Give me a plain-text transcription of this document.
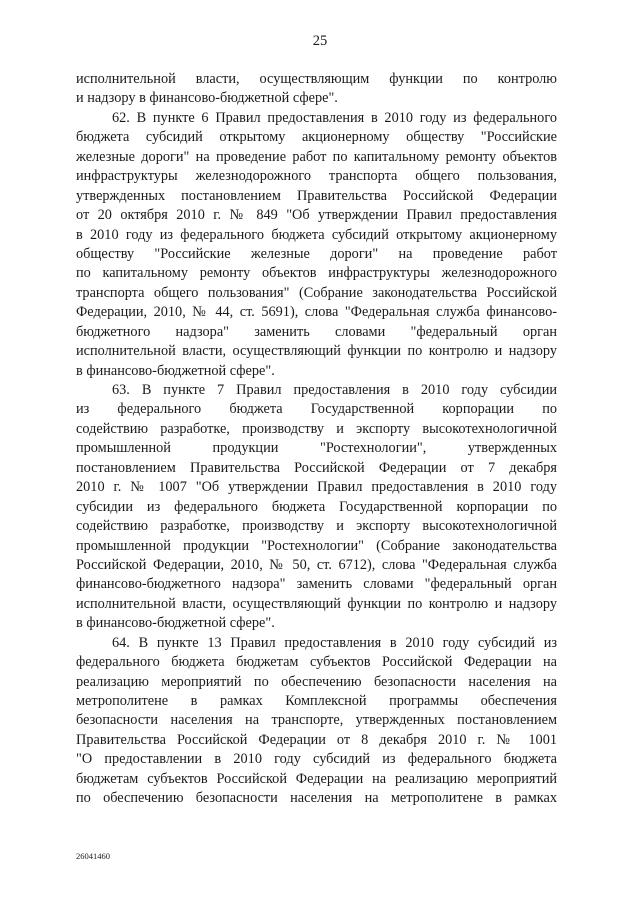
25
исполнительной власти, осуществляющим функции по контролю
и надзору в финансово-бюджетной сфере".
62. В пункте 6 Правил предоставления в 2010 году из федерального
бюджета субсидий открытому акционерному обществу "Российские
железные дороги" на проведение работ по капитальному ремонту объектов
инфраструктуры железнодорожного транспорта общего пользования,
утвержденных постановлением Правительства Российской Федерации
от 20 октября 2010 г. № 849 "Об утверждении Правил предоставления
в 2010 году из федерального бюджета субсидий открытому акционерному
обществу "Российские железные дороги" на проведение работ
по капитальному ремонту объектов инфраструктуры железнодорожного
транспорта общего пользования" (Собрание законодательства Российской
Федерации, 2010, № 44, ст. 5691), слова "Федеральная служба финансово-
бюджетного надзора" заменить словами "федеральный орган
исполнительной власти, осуществляющий функции по контролю и надзору
в финансово-бюджетной сфере".
63. В пункте 7 Правил предоставления в 2010 году субсидии
из федерального бюджета Государственной корпорации по
содействию разработке, производству и экспорту высокотехнологичной
промышленной продукции "Ростехнологии", утвержденных
постановлением Правительства Российской Федерации от 7 декабря
2010 г. № 1007 "Об утверждении Правил предоставления в 2010 году
субсидии из федерального бюджета Государственной корпорации по
содействию разработке, производству и экспорту высокотехнологичной
промышленной продукции "Ростехнологии" (Собрание законодательства
Российской Федерации, 2010, № 50, ст. 6712), слова "Федеральная служба
финансово-бюджетного надзора" заменить словами "федеральный орган
исполнительной власти, осуществляющий функции по контролю и надзору
в финансово-бюджетной сфере".
64. В пункте 13 Правил предоставления в 2010 году субсидий из
федерального бюджета бюджетам субъектов Российской Федерации на
реализацию мероприятий по обеспечению безопасности населения на
метрополитене в рамках Комплексной программы обеспечения
безопасности населения на транспорте, утвержденных постановлением
Правительства Российской Федерации от 8 декабря 2010 г. № 1001
"О предоставлении в 2010 году субсидий из федерального бюджета
бюджетам субъектов Российской Федерации на реализацию мероприятий
по обеспечению безопасности населения на метрополитене в рамках
26041460
